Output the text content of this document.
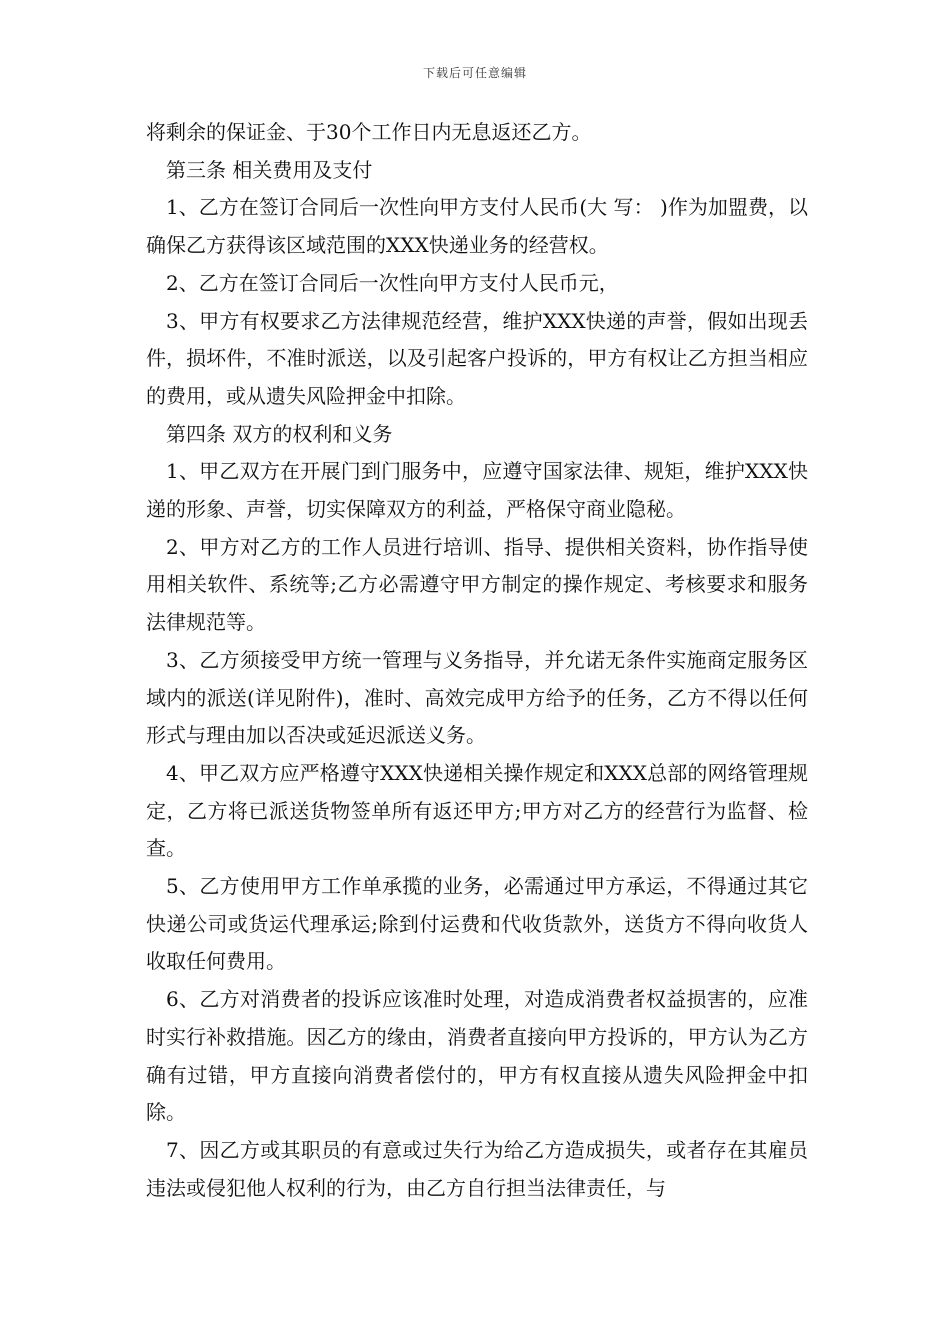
下载后可任意编辑

将剩余的保证金、于30个工作日内无息返还乙方。

第三条 相关费用及支付

1、乙方在签订合同后一次性向甲方支付人民币(大 写： )作为加盟费，以确保乙方获得该区域范围的XXX快递业务的经营权。

2、乙方在签订合同后一次性向甲方支付人民币元，

3、甲方有权要求乙方法律规范经营，维护XXX快递的声誉，假如出现丢件，损坏件，不准时派送，以及引起客户投诉的，甲方有权让乙方担当相应的费用，或从遗失风险押金中扣除。

第四条 双方的权利和义务

1、甲乙双方在开展门到门服务中，应遵守国家法律、规矩，维护XXX快递的形象、声誉，切实保障双方的利益，严格保守商业隐秘。

2、甲方对乙方的工作人员进行培训、指导、提供相关资料，协作指导使用相关软件、系统等;乙方必需遵守甲方制定的操作规定、考核要求和服务法律规范等。

3、乙方须接受甲方统一管理与义务指导，并允诺无条件实施商定服务区域内的派送(详见附件)，准时、高效完成甲方给予的任务，乙方不得以任何形式与理由加以否决或延迟派送义务。

4、甲乙双方应严格遵守XXX快递相关操作规定和XXX总部的网络管理规定，乙方将已派送货物签单所有返还甲方;甲方对乙方的经营行为监督、检查。

5、乙方使用甲方工作单承揽的业务，必需通过甲方承运，不得通过其它快递公司或货运代理承运;除到付运费和代收货款外，送货方不得向收货人收取任何费用。

6、乙方对消费者的投诉应该准时处理，对造成消费者权益损害的，应准时实行补救措施。因乙方的缘由，消费者直接向甲方投诉的，甲方认为乙方确有过错，甲方直接向消费者偿付的，甲方有权直接从遗失风险押金中扣除。

7、因乙方或其职员的有意或过失行为给乙方造成损失，或者存在其雇员违法或侵犯他人权利的行为，由乙方自行担当法律责任，与
